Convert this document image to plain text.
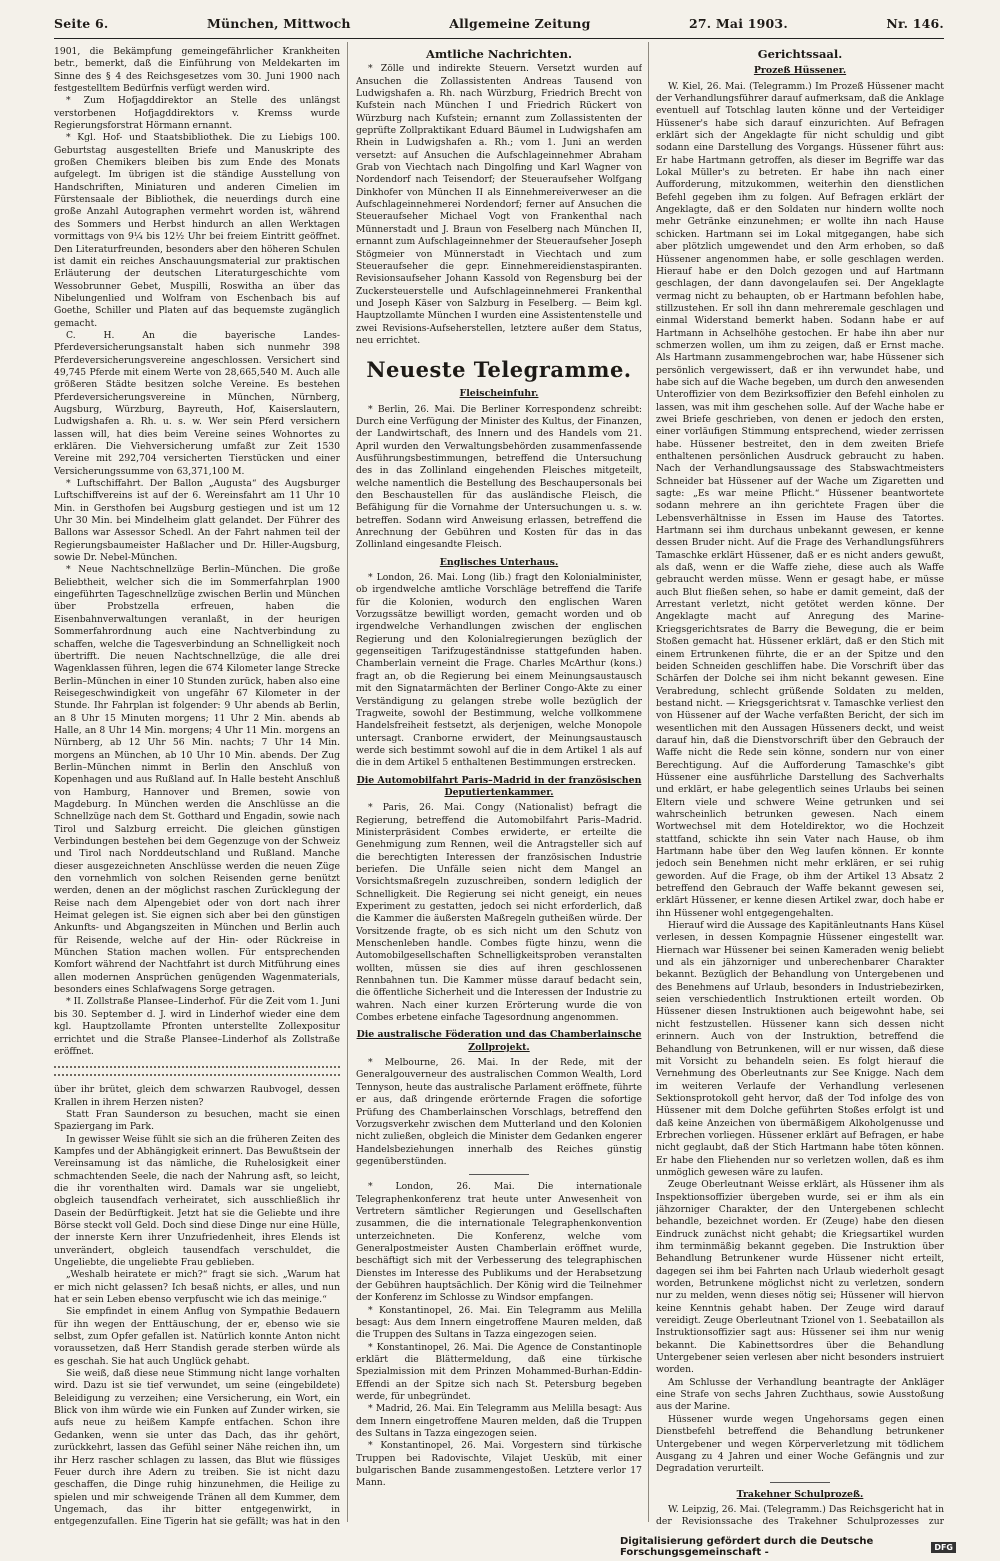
Seite 6.	München, Mittwoch	Allgemeine Zeitung	27. Mai 1903.	Nr. 146.

1901, die Bekämpfung gemeingefährlicher Krankheiten betr., bemerkt, daß die Einführung von Meldekarten im Sinne des § 4 des Reichsgesetzes vom 30. Juni 1900 nach festgestelltem Bedürfnis verfügt werden wird.

* Zum Hofjagddirektor an Stelle des unlängst verstorbenen Hofjagddirektors v. Kremss wurde Regierungsforstrat Hörmann ernannt.

* Kgl. Hof- und Staatsbibliothek. Die zu Liebigs 100. Geburtstag ausgestellten Briefe und Manuskripte des großen Chemikers bleiben bis zum Ende des Monats aufgelegt. Im übrigen ist die ständige Ausstellung von Handschriften, Miniaturen und anderen Cimelien im Fürstensaale der Bibliothek, die neuerdings durch eine große Anzahl Autographen vermehrt worden ist, während des Sommers und Herbst hindurch an allen Werktagen vormittags von 9¼ bis 12½ Uhr bei freiem Eintritt geöffnet. Den Literaturfreunden, besonders aber den höheren Schulen ist damit ein reiches Anschauungsmaterial zur praktischen Erläuterung der deutschen Literaturgeschichte vom Wessobrunner Gebet, Muspilli, Roswitha an über das Nibelungenlied und Wolfram von Eschenbach bis auf Goethe, Schiller und Platen auf das bequemste zugänglich gemacht.

C. H. An die bayerische Landes-Pferdeversicherungsanstalt haben sich nunmehr 398 Pferdeversicherungsvereine angeschlossen. Versichert sind 49,745 Pferde mit einem Werte von 28,665,540 M. Auch alle größeren Städte besitzen solche Vereine. Es bestehen Pferdeversicherungsvereine in München, Nürnberg, Augsburg, Würzburg, Bayreuth, Hof, Kaiserslautern, Ludwigshafen a. Rh. u. s. w. Wer sein Pferd versichern lassen will, hat dies beim Vereine seines Wohnortes zu erklären. Die Viehversicherung umfaßt zur Zeit 1530 Vereine mit 292,704 versicherten Tierstücken und einer Versicherungssumme von 63,371,100 M.

* Luftschiffahrt. Der Ballon „Augusta“ des Augsburger Luftschiffvereins ist auf der 6. Wereinsfahrt am 11 Uhr 10 Min. in Gersthofen bei Augsburg gestiegen und ist um 12 Uhr 30 Min. bei Mindelheim glatt gelandet. Der Führer des Ballons war Assessor Schedl. An der Fahrt nahmen teil der Regierungsbaumeister Haßlacher und Dr. Hiller-Augsburg, sowie Dr. Nebel-München.

* Neue Nachtschnellzüge Berlin–München. Die große Beliebtheit, welcher sich die im Sommerfahrplan 1900 eingeführten Tageschnellzüge zwischen Berlin und München über Probstzella erfreuen, haben die Eisenbahnverwaltungen veranlaßt, in der heurigen Sommerfahrordnung auch eine Nachtverbindung zu schaffen, welche die Tagesverbindung an Schnelligkeit noch übertrifft. Die neuen Nachtschnellzüge, die alle drei Wagenklassen führen, legen die 674 Kilometer lange Strecke Berlin–München in einer 10 Stunden zurück, haben also eine Reisegeschwindigkeit von ungefähr 67 Kilometer in der Stunde. Ihr Fahrplan ist folgender: 9 Uhr abends ab Berlin, an 8 Uhr 15 Minuten morgens; 11 Uhr 2 Min. abends ab Halle, an 8 Uhr 14 Min. morgens; 4 Uhr 11 Min. morgens an Nürnberg, ab 12 Uhr 56 Min. nachts; 7 Uhr 14 Min. morgens an München, ab 10 Uhr 10 Min. abends. Der Zug Berlin–München nimmt in Berlin den Anschluß von Kopenhagen und aus Rußland auf. In Halle besteht Anschluß von Hamburg, Hannover und Bremen, sowie von Magdeburg. In München werden die Anschlüsse an die Schnellzüge nach dem St. Gotthard und Engadin, sowie nach Tirol und Salzburg erreicht. Die gleichen günstigen Verbindungen bestehen bei dem Gegenzuge von der Schweiz und Tirol nach Norddeutschland und Rußland. Manche dieser ausgezeichneten Anschlüsse werden die neuen Züge den vornehmlich von solchen Reisenden gerne benützt werden, denen an der möglichst raschen Zurücklegung der Reise nach dem Alpengebiet oder von dort nach ihrer Heimat gelegen ist. Sie eignen sich aber bei den günstigen Ankunfts- und Abgangszeiten in München und Berlin auch für Reisende, welche auf der Hin- oder Rückreise in München Station machen wollen. Für entsprechenden Komfort während der Nachtfahrt ist durch Mitführung eines allen modernen Ansprüchen genügenden Wagenmaterials, besonders eines Schlafwagens Sorge getragen.

* II. Zollstraße Plansee–Linderhof. Für die Zeit vom 1. Juni bis 30. September d. J. wird in Linderhof wieder eine dem kgl. Hauptzollamte Pfronten unterstellte Zollexpositur errichtet und die Straße Plansee–Linderhof als Zollstraße eröffnet.

über ihr brütet, gleich dem schwarzen Raubvogel, dessen Krallen in ihrem Herzen nisten?

Statt Fran Saunderson zu besuchen, macht sie einen Spaziergang im Park.

In gewisser Weise fühlt sie sich an die früheren Zeiten des Kampfes und der Abhängigkeit erinnert. Das Bewußtsein der Vereinsamung ist das nämliche, die Ruhelosigkeit einer schmachtenden Seele, die nach der Nahrung asft, so leicht, die ihr vorenthalten wird. Damals war sie ungeliebt, obgleich tausendfach verheiratet, sich ausschließlich ihr Dasein der Bedürftigkeit. Jetzt hat sie die Geliebte und ihre Börse steckt voll Geld. Doch sind diese Dinge nur eine Hülle, der innerste Kern ihrer Unzufriedenheit, ihres Elends ist unverändert, obgleich tausendfach verschuldet, die Ungeliebte, die ungeliebte Frau geblieben.

„Weshalb heiratete er mich?“ fragt sie sich. „Warum hat er mich nicht gelassen? Ich besaß nichts, er alles, und nun hat er sein Leben ebenso verpfuscht wie ich das meinige.“

Sie empfindet in einem Anflug von Sympathie Bedauern für ihn wegen der Enttäuschung, der er, ebenso wie sie selbst, zum Opfer gefallen ist. Natürlich konnte Anton nicht voraussetzen, daß Herr Standish gerade sterben würde als es geschah. Sie hat auch Unglück gehabt.

Sie weiß, daß diese neue Stimmung nicht lange vorhalten wird. Dazu ist sie tief verwundet, um seine (eingebildete) Beleidigung zu verzeihen; eine Versicherung, ein Wort, ein Blick von ihm würde wie ein Funken auf Zunder wirken, sie aufs neue zu heißem Kampfe entfachen. Schon ihre Gedanken, wenn sie unter das Dach, das ihr gehört, zurückkehrt, lassen das Gefühl seiner Nähe reichen ihn, um ihr Herz rascher schlagen zu lassen, das Blut wie flüssiges Feuer durch ihre Adern zu treiben. Sie ist nicht dazu geschaffen, die Dinge ruhig hinzunehmen, die Heilige zu spielen und mir schweigende Tränen all dem Kummer, dem Ungemach, das ihr bitter entgegenwirkt, in entgegenzufallen. Eine Tigerin hat sie gefällt; was hat in den

Amtliche Nachrichten.

* Zölle und indirekte Steuern. Versetzt wurden auf Ansuchen die Zollassistenten Andreas Tausend von Ludwigshafen a. Rh. nach Würzburg, Friedrich Brecht von Kufstein nach München I und Friedrich Rückert von Würzburg nach Kufstein; ernannt zum Zollassistenten der geprüfte Zollpraktikant Eduard Bäumel in Ludwigshafen am Rhein in Ludwigshafen a. Rh.; vom 1. Juni an werden versetzt: auf Ansuchen die Aufschlageinnehmer Abraham Grab von Viechtach nach Dingolfing und Karl Wagner von Nordendorf nach Teisendorf; der Steueraufseher Wolfgang Dinkhofer von München II als Einnehmereiverweser an die Aufschlageinnehmerei Nordendorf; ferner auf Ansuchen die Steueraufseher Michael Vogt von Frankenthal nach Münnerstadt und J. Braun von Feselberg nach München II, ernannt zum Aufschlageinnehmer der Steueraufseher Joseph Stögmeier von Münnerstadt in Viechtach und zum Steueraufseher die gepr. Einnehmereidienstaspiranten. Revisionsaufseher Johann Kassold von Regensburg bei der Zuckersteuerstelle und Aufschlageinnehmerei Frankenthal und Joseph Käser von Salzburg in Feselberg. — Beim kgl. Hauptzollamte München I wurden eine Assistentenstelle und zwei Revisions-Aufseherstellen, letztere außer dem Status, neu errichtet.

Neueste Telegramme.

Fleischeinfuhr.

* Berlin, 26. Mai. Die Berliner Korrespondenz schreibt: Durch eine Verfügung der Minister des Kultus, der Finanzen, der Landwirtschaft, des Innern und des Handels vom 21. April wurden den Verwaltungsbehörden zusammenfassende Ausführungsbestimmungen, betreffend die Untersuchung des in das Zollinland eingehenden Fleisches mitgeteilt, welche namentlich die Bestellung des Beschaupersonals bei den Beschaustellen für das ausländische Fleisch, die Befähigung für die Vornahme der Untersuchungen u. s. w. betreffen. Sodann wird Anweisung erlassen, betreffend die Anrechnung der Gebühren und Kosten für das in das Zollinland eingesandte Fleisch.

Englisches Unterhaus.

* London, 26. Mai. Long (lib.) fragt den Kolonialminister, ob irgendwelche amtliche Vorschläge betreffend die Tarife für die Kolonien, wodurch den englischen Waren Vorzugssätze bewilligt worden, gemacht worden und ob irgendwelche Verhandlungen zwischen der englischen Regierung und den Kolonialregierungen bezüglich der gegenseitigen Tarifzugeständnisse stattgefunden haben. Chamberlain verneint die Frage. Charles McArthur (kons.) fragt an, ob die Regierung bei einem Meinungsaustausch mit den Signatarmächten der Berliner Congo-Akte zu einer Verständigung zu gelangen strebe wolle bezüglich der Tragweite, sowohl der Bestimmung, welche vollkommene Handelsfreiheit festsetzt, als derjenigen, welche Monopole untersagt. Cranborne erwidert, der Meinungsaustausch werde sich bestimmt sowohl auf die in dem Artikel 1 als auf die in dem Artikel 5 enthaltenen Bestimmungen erstrecken.

Die Automobilfahrt Paris–Madrid in der französischen Deputiertenkammer.

* Paris, 26. Mai. Congy (Nationalist) befragt die Regierung, betreffend die Automobilfahrt Paris–Madrid. Ministerpräsident Combes erwiderte, er erteilte die Genehmigung zum Rennen, weil die Antragsteller sich auf die berechtigten Interessen der französischen Industrie beriefen. Die Unfälle seien nicht dem Mangel an Vorsichtsmaßregeln zuzuschreiben, sondern lediglich der Schnelligkeit. Die Regierung sei nicht geneigt, ein neues Experiment zu gestatten, jedoch sei nicht erforderlich, daß die Kammer die äußersten Maßregeln gutheißen würde. Der Vorsitzende fragte, ob es sich nicht um den Schutz von Menschenleben handle. Combes fügte hinzu, wenn die Automobilgesellschaften Schnelligkeitsproben veranstalten wollten, müssen sie dies auf ihren geschlossenen Rennbahnen tun. Die Kammer müsse darauf bedacht sein, die öffentliche Sicherheit und die Interessen der Industrie zu wahren. Nach einer kurzen Erörterung wurde die von Combes erbetene einfache Tagesordnung angenommen.

Die australische Föderation und das Chamberlainsche Zollprojekt.

* Melbourne, 26. Mai. In der Rede, mit der Generalgouverneur des australischen Common Wealth, Lord Tennyson, heute das australische Parlament eröffnete, führte er aus, daß dringende erörternde Fragen die sofortige Prüfung des Chamberlainschen Vorschlags, betreffend den Vorzugsverkehr zwischen dem Mutterland und den Kolonien nicht zuließen, obgleich die Minister dem Gedanken engerer Handelsbeziehungen innerhalb des Reiches günstig gegenüberstünden.

* London, 26. Mai. Die internationale Telegraphenkonferenz trat heute unter Anwesenheit von Vertretern sämtlicher Regierungen und Gesellschaften zusammen, die die internationale Telegraphenkonvention unterzeichneten. Die Konferenz, welche vom Generalpostmeister Austen Chamberlain eröffnet wurde, beschäftigt sich mit der Verbesserung des telegraphischen Dienstes im Interesse des Publikums und der Herabsetzung der Gebühren hauptsächlich. Der König wird die Teilnehmer der Konferenz im Schlosse zu Windsor empfangen.

* Konstantinopel, 26. Mai. Ein Telegramm aus Melilla besagt: Aus dem Innern eingetroffene Mauren melden, daß die Truppen des Sultans in Tazza eingezogen seien.

* Konstantinopel, 26. Mai. Die Agence de Constantinople erklärt die Blättermeldung, daß eine türkische Spezialmission mit dem Prinzen Mohammed-Burhan-Eddin-Effendi an der Spitze sich nach St. Petersburg begeben werde, für unbegründet.

* Madrid, 26. Mai. Ein Telegramm aus Melilla besagt: Aus dem Innern eingetroffene Mauren melden, daß die Truppen des Sultans in Tazza eingezogen seien.

* Konstantinopel, 26. Mai. Vorgestern sind türkische Truppen bei Radovischte, Vilajet Uesküb, mit einer bulgarischen Bande zusammengestoßen. Letztere verlor 17 Mann.

Gerichtssaal.

Prozeß Hüssener.

W. Kiel, 26. Mai. (Telegramm.) Im Prozeß Hüssener macht der Verhandlungsführer darauf aufmerksam, daß die Anklage eventuell auf Totschlag lauten könne und der Verteidiger Hüssener's habe sich darauf einzurichten. Auf Befragen erklärt sich der Angeklagte für nicht schuldig und gibt sodann eine Darstellung des Vorgangs. Hüssener führt aus: Er habe Hartmann getroffen, als dieser im Begriffe war das Lokal Müller's zu betreten. Er habe ihn nach einer Aufforderung, mitzukommen, weiterhin den dienstlichen Befehl gegeben ihm zu folgen. Auf Befragen erklärt der Angeklagte, daß er den Soldaten nur hindern wollte noch mehr Getränke einzunehmen; er wollte ihn nach Hause schicken. Hartmann sei im Lokal mitgegangen, habe sich aber plötzlich umgewendet und den Arm erhoben, so daß Hüssener angenommen habe, er solle geschlagen werden. Hierauf habe er den Dolch gezogen und auf Hartmann geschlagen, der dann davongelaufen sei. Der Angeklagte vermag nicht zu behaupten, ob er Hartmann befohlen habe, stillzustehen. Er soll ihn dann mehreremale geschlagen und einmal Widerstand bemerkt haben. Sodann habe er auf Hartmann in Achselhöhe gestochen. Er habe ihn aber nur schmerzen wollen, um ihm zu zeigen, daß er Ernst mache. Als Hartmann zusammengebrochen war, habe Hüssener sich persönlich vergewissert, daß er ihn verwundet habe, und habe sich auf die Wache begeben, um durch den anwesenden Unteroffizier von dem Bezirksoffizier den Befehl einholen zu lassen, was mit ihm geschehen solle. Auf der Wache habe er zwei Briefe geschrieben, von denen er jedoch den ersten, einer vorläufigen Stimmung entsprechend, wieder zerrissen habe. Hüssener bestreitet, den in dem zweiten Briefe enthaltenen persönlichen Ausdruck gebraucht zu haben. Nach der Verhandlungsaussage des Stabswachtmeisters Schneider bat Hüssener auf der Wache um Zigaretten und sagte: „Es war meine Pflicht.“ Hüssener beantwortete sodann mehrere an ihn gerichtete Fragen über die Lebensverhältnisse in Essen im Hause des Tatortes. Hartmann sei ihm durchaus unbekannt gewesen, er kenne dessen Bruder nicht. Auf die Frage des Verhandlungsführers Tamaschke erklärt Hüssener, daß er es nicht anders gewußt, als daß, wenn er die Waffe ziehe, diese auch als Waffe gebraucht werden müsse. Wenn er gesagt habe, er müsse auch Blut fließen sehen, so habe er damit gemeint, daß der Arrestant verletzt, nicht getötet werden könne. Der Angeklagte macht auf Anregung des Marine-Kriegsgerichtsrates de Barry die Bewegung, die er beim Stoßen gemacht hat. Hüssener erklärt, daß er den Stich mit einem Ertrunkenen führte, die er an der Spitze und den beiden Schneiden geschliffen habe. Die Vorschrift über das Schärfen der Dolche sei ihm nicht bekannt gewesen. Eine Verabredung, schlecht grüßende Soldaten zu melden, bestand nicht. — Kriegsgerichtsrat v. Tamaschke verliest den von Hüssener auf der Wache verfaßten Bericht, der sich im wesentlichen mit den Aussagen Hüsseners deckt, und weist darauf hin, daß die Dienstvorschrift über den Gebrauch der Waffe nicht die Rede sein könne, sondern nur von einer Berechtigung. Auf die Aufforderung Tamaschke's gibt Hüssener eine ausführliche Darstellung des Sachverhalts und erklärt, er habe gelegentlich seines Urlaubs bei seinen Eltern viele und schwere Weine getrunken und sei wahrscheinlich betrunken gewesen. Nach einem Wortwechsel mit dem Hoteldirektor, wo die Hochzeit stattfand, schickte ihn sein Vater nach Hause, ob ihm Hartmann habe über den Weg laufen können. Er konnte jedoch sein Benehmen nicht mehr erklären, er sei ruhig geworden. Auf die Frage, ob ihm der Artikel 13 Absatz 2 betreffend den Gebrauch der Waffe bekannt gewesen sei, erklärt Hüssener, er kenne diesen Artikel zwar, doch habe er ihn Hüssener wohl entgegengehalten.

Hierauf wird die Aussage des Kapitänleutnants Hans Küsel verlesen, in dessen Kompagnie Hüssener eingestellt war. Hiernach war Hüssener bei seinen Kameraden wenig beliebt und als ein jähzorniger und unberechenbarer Charakter bekannt. Bezüglich der Behandlung von Untergebenen und des Benehmens auf Urlaub, besonders in Industriebezirken, seien verschiedentlich Instruktionen erteilt worden. Ob Hüssener diesen Instruktionen auch beigewohnt habe, sei nicht festzustellen. Hüssener kann sich dessen nicht erinnern. Auch von der Instruktion, betreffend die Behandlung von Betrunkenen, will er nur wissen, daß diese mit Vorsicht zu behandeln seien. Es folgt hierauf die Vernehmung des Oberleutnants zur See Knigge. Nach dem im weiteren Verlaufe der Verhandlung verlesenen Sektionsprotokoll geht hervor, daß der Tod infolge des von Hüssener mit dem Dolche geführten Stoßes erfolgt ist und daß keine Anzeichen von übermäßigem Alkoholgenusse und Erbrechen vorliegen. Hüssener erklärt auf Befragen, er habe nicht geglaubt, daß der Stich Hartmann habe töten können. Er habe den Fliehenden nur so verletzen wollen, daß es ihm unmöglich gewesen wäre zu laufen.

Zeuge Oberleutnant Weisse erklärt, als Hüssener ihm als Inspektionsoffizier übergeben wurde, sei er ihm als ein jähzorniger Charakter, der den Untergebenen schlecht behandle, bezeichnet worden. Er (Zeuge) habe den diesen Eindruck zunächst nicht gehabt; die Kriegsartikel wurden ihm terminmäßig bekannt gegeben. Die Instruktion über Behandlung Betrunkener wurde Hüssener nicht erteilt, dagegen sei ihm bei Fahrten nach Urlaub wiederholt gesagt worden, Betrunkene möglichst nicht zu verletzen, sondern nur zu melden, wenn dieses nötig sei; Hüssener will hiervon keine Kenntnis gehabt haben. Der Zeuge wird darauf vereidigt. Zeuge Oberleutnant Tzionel von 1. Seebataillon als Instruktionsoffizier sagt aus: Hüssener sei ihm nur wenig bekannt. Die Kabinettsordres über die Behandlung Untergebener seien verlesen aber nicht besonders instruiert worden.

Am Schlusse der Verhandlung beantragte der Ankläger eine Strafe von sechs Jahren Zuchthaus, sowie Ausstoßung aus der Marine.

Hüssener wurde wegen Ungehorsams gegen einen Dienstbefehl betreffend die Behandlung betrunkener Untergebener und wegen Körperverletzung mit tödlichem Ausgang zu 4 Jahren und einer Woche Gefängnis und zur Degradation verurteilt.

Trakehner Schulprozeß.

W. Leipzig, 26. Mai. (Telegramm.) Das Reichsgericht hat in der Revisionssache des Trakehner Schulprozesses zur

Digitalisierung gefördert durch die Deutsche Forschungsgemeinschaft -	DFG
